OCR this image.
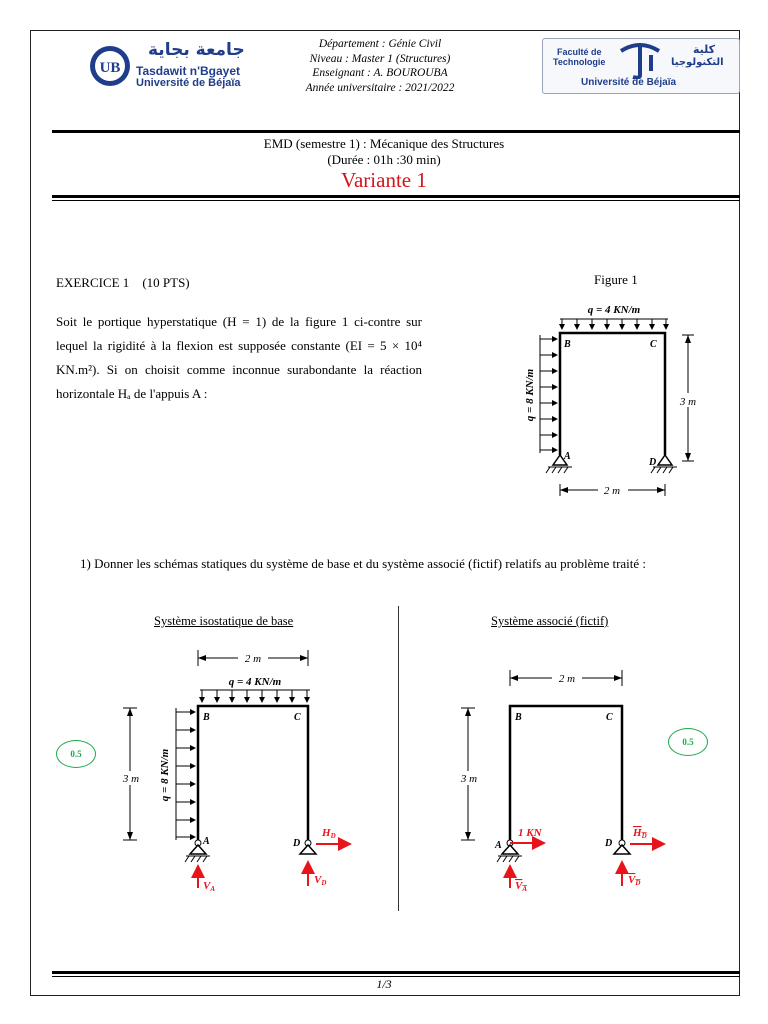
UB
جامعة بجاية
Tasdawit n'Bgayet
Université de Béjaïa
Département : Génie Civil
Niveau : Master 1 (Structures)
Enseignant : A. BOUROUBA
Année universitaire : 2021/2022
Faculté de
Technologie
كلية
التكنولوجيا
Université de Béjaïa
EMD (semestre 1) : Mécanique des Structures
(Durée : 01h :30 min)
Variante 1
EXERCICE 1 (10 PTS)
Soit le portique hyperstatique (H = 1) de la figure 1 ci-contre sur lequel la rigidité à la flexion est supposée constante (EI = 5 × 10⁴ KN.m²). Si on choisit comme inconnue surabondante la réaction horizontale Hₐ de l'appuis A :
Figure 1
q = 4 KN/m
q = 8 KN/m
B	C
A
D
3 m
2 m
1) Donner les schémas statiques du système de base et du système associé (fictif) relatifs au problème traité :
Système isostatique de base
0.5
2 m
q = 4 KN/m
q = 8 KN/m
3 m
B	C
A	D
VA
VD
HD
Système associé (fictif)
0.5
2 m
3 m
B	C
A	D
1 KN
VA
VD
HD
1/3
